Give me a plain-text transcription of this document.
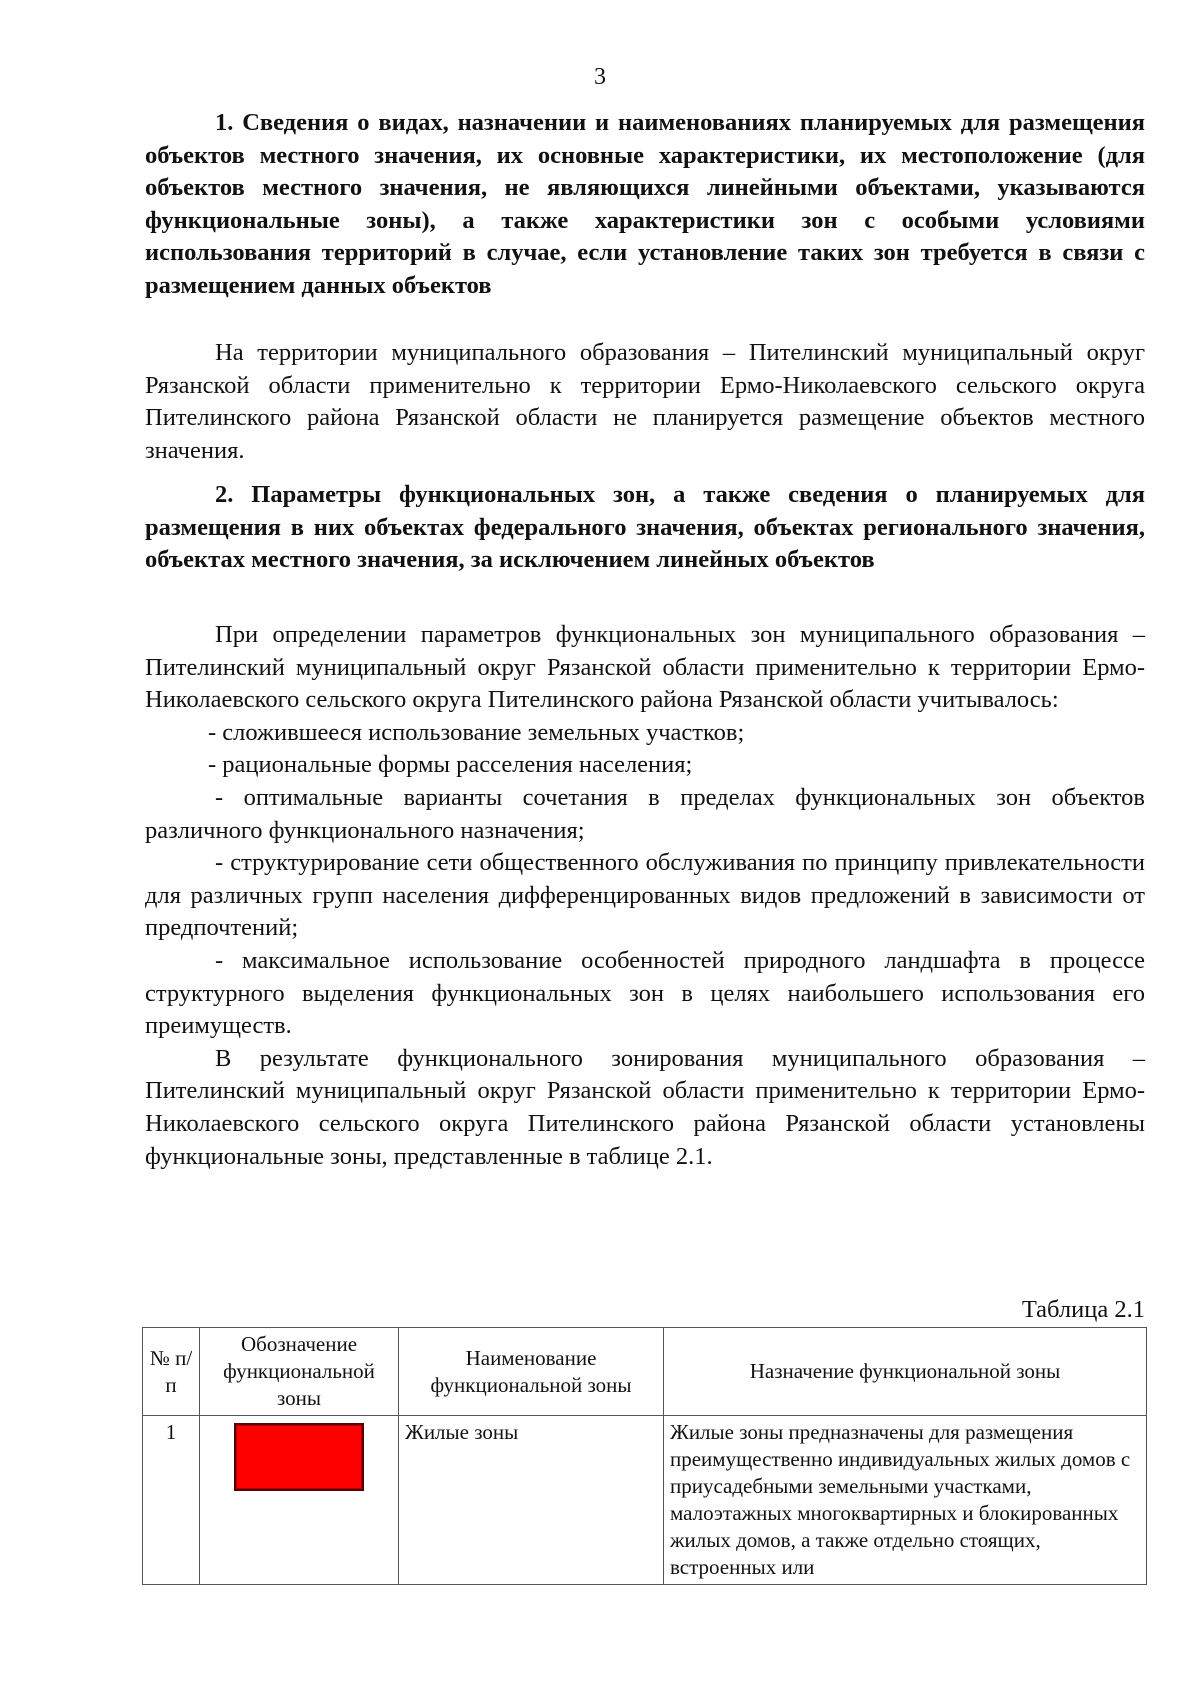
3

1. Сведения о видах, назначении и наименованиях планируемых для размещения объектов местного значения, их основные характеристики, их местоположение (для объектов местного значения, не являющихся линейными объектами, указываются функциональные зоны), а также характеристики зон с особыми условиями использования территорий в случае, если установление таких зон требуется в связи с размещением данных объектов

На территории муниципального образования – Пителинский муниципальный округ Рязанской области применительно к территории Ермо-Николаевского сельского округа Пителинского района Рязанской области не планируется размещение объектов местного значения.

2. Параметры функциональных зон, а также сведения о планируемых для размещения в них объектах федерального значения, объектах регионального значения, объектах местного значения, за исключением линейных объектов

При определении параметров функциональных зон муниципального образования – Пителинский муниципальный округ Рязанской области применительно к территории Ермо-Николаевского сельского округа Пителинского района Рязанской области учитывалось:

- сложившееся использование земельных участков;

- рациональные формы расселения населения;

- оптимальные варианты сочетания в пределах функциональных зон объектов различного функционального назначения;

- структурирование сети общественного обслуживания по принципу привлекательности для различных групп населения дифференцированных видов предложений в зависимости от предпочтений;

- максимальное использование особенностей природного ландшафта в процессе структурного выделения функциональных зон в целях наибольшего использования его преимуществ.

В результате функционального зонирования муниципального образования – Пителинский муниципальный округ Рязанской области применительно к территории Ермо-Николаевского сельского округа Пителинского района Рязанской области установлены функциональные зоны, представленные в таблице 2.1.

Таблица 2.1
№ п/п	Обозначение функциональной зоны	Наименование функциональной зоны	Назначение функциональной зоны
1		Жилые зоны	Жилые зоны предназначены для размещения преимущественно индивидуальных жилых домов с приусадебными земельными участками, малоэтажных многоквартирных и блокированных жилых домов, а также отдельно стоящих, встроенных или
